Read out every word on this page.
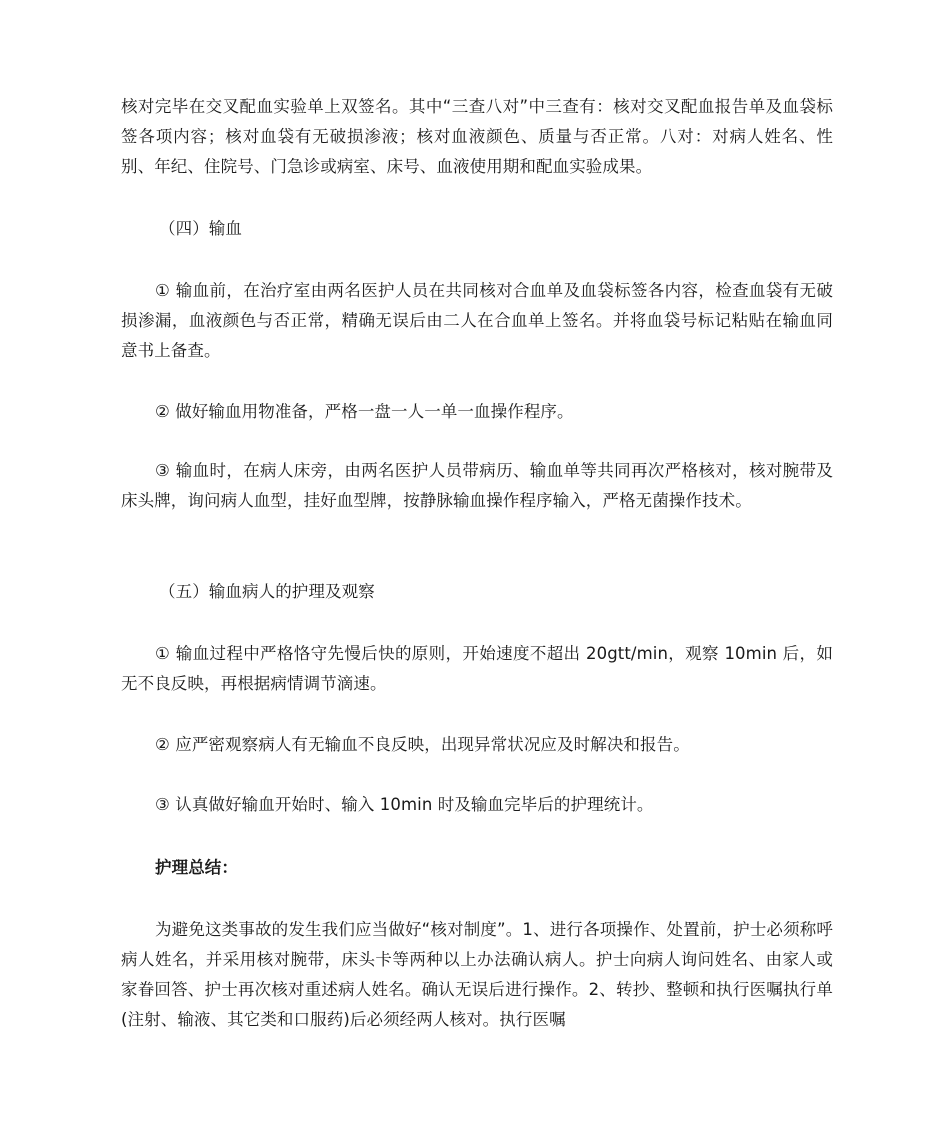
核对完毕在交叉配血实验单上双签名。其中“三查八对”中三查有：核对交叉配血报告单及血袋标签各项内容；核对血袋有无破损渗液；核对血液颜色、质量与否正常。八对：对病人姓名、性别、年纪、住院号、门急诊或病室、床号、血液使用期和配血实验成果。

（四）输血

① 输血前，在治疗室由两名医护人员在共同核对合血单及血袋标签各内容，检查血袋有无破损渗漏，血液颜色与否正常，精确无误后由二人在合血单上签名。并将血袋号标记粘贴在输血同意书上备查。

② 做好输血用物准备，严格一盘一人一单一血操作程序。

③ 输血时，在病人床旁，由两名医护人员带病历、输血单等共同再次严格核对，核对腕带及床头牌，询问病人血型，挂好血型牌，按静脉输血操作程序输入，严格无菌操作技术。

（五）输血病人的护理及观察

① 输血过程中严格恪守先慢后快的原则，开始速度不超出 20gtt/min，观察 10min 后，如无不良反映，再根据病情调节滴速。

② 应严密观察病人有无输血不良反映，出现异常状况应及时解决和报告。

③ 认真做好输血开始时、输入 10min 时及输血完毕后的护理统计。

护理总结：

为避免这类事故的发生我们应当做好“核对制度”。1、进行各项操作、处置前，护士必须称呼病人姓名，并采用核对腕带，床头卡等两种以上办法确认病人。护士向病人询问姓名、由家人或家眷回答、护士再次核对重述病人姓名。确认无误后进行操作。2、转抄、整顿和执行医嘱执行单(注射、输液、其它类和口服药)后必须经两人核对。执行医嘱
